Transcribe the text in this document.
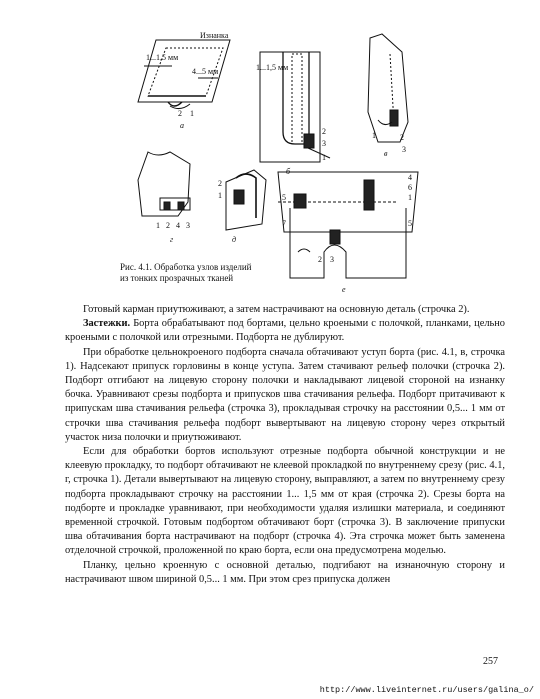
Изнанка
1...1,5 мм
4...5 мм	1...1,5 мм
2 1
а
2
3
1
б
1	2
3
в
1 2 4 3
г
2
1
д
5
4
6
1
5
7
2 3
е
Рис. 4.1. Обработка узлов изделий
из тонких прозрачных тканей

Готовый карман приутюживают, а затем настрачивают на основную деталь (строчка 2).

Застежки. Борта обрабатывают под бортами, цельно кроеными с полочкой, планками, цельно кроеными с полочкой или отрезными. Подборта не дублируют.

При обработке цельнокроеного подборта сначала обтачивают уступ борта (рис. 4.1, в, строчка 1). Надсекают припуск горловины в конце уступа. Затем стачивают рельеф полочки (строчка 2). Подборт отгибают на лицевую сторону полочки и накладывают лицевой стороной на изнанку бочка. Уравнивают срезы подборта и припусков шва стачивания рельефа. Подборт притачивают к припускам шва стачивания рельефа (строчка 3), прокладывая строчку на расстоянии 0,5... 1 мм от строчки шва стачивания рельефа подборт вывертывают на лицевую сторону через открытый участок низа полочки и приутюживают.

Если для обработки бортов используют отрезные подборта обычной конструкции и не клеевую прокладку, то подборт обтачивают не клеевой прокладкой по внутреннему срезу (рис. 4.1, г, строчка 1). Детали вывертывают на лицевую сторону, выправляют, а затем по внутреннему срезу подборта прокладывают строчку на расстоянии 1... 1,5 мм от края (строчка 2). Срезы борта на подборте и прокладке уравнивают, при необходимости удаляя излишки материала, и соединяют временной строчкой. Готовым подбортом обтачивают борт (строчка 3). В заключение припуски шва обтачивания борта настрачивают на подборт (строчка 4). Эта строчка может быть заменена отделочной строчкой, проложенной по краю борта, если она предусмотрена моделью.

Планку, цельно кроенную с основной деталью, подгибают на изнаночную сторону и настрачивают швом шириной 0,5... 1 мм. При этом срез припуска должен

257
http://www.liveinternet.ru/users/galina_o/
